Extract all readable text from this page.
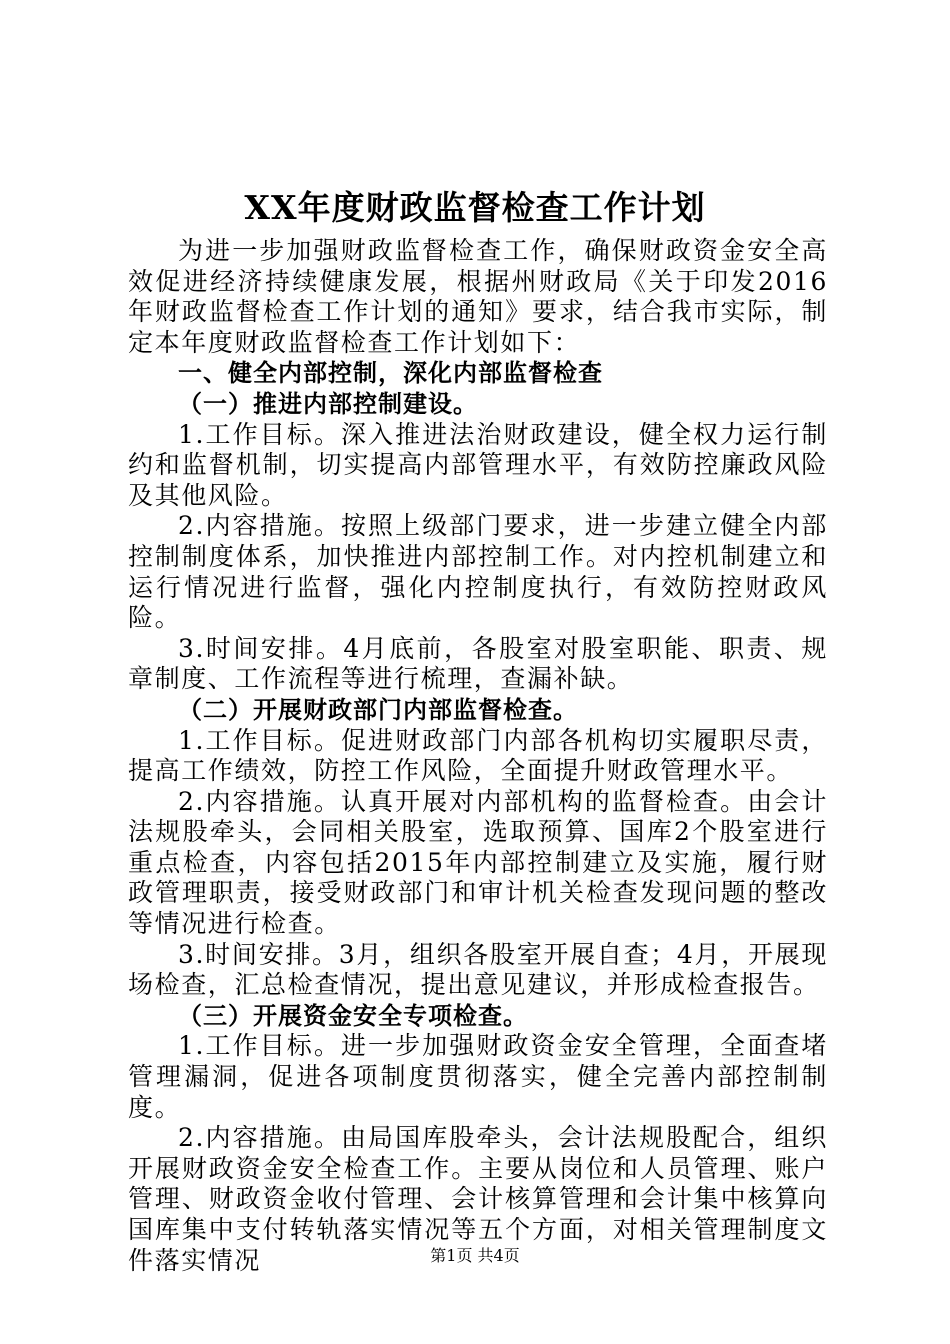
XX年度财政监督检查工作计划

为进一步加强财政监督检查工作，确保财政资金安全高效促进经济持续健康发展，根据州财政局《关于印发2016年财政监督检查工作计划的通知》要求，结合我市实际，制定本年度财政监督检查工作计划如下：

一、健全内部控制，深化内部监督检查

（一）推进内部控制建设。

1.工作目标。深入推进法治财政建设，健全权力运行制约和监督机制，切实提高内部管理水平，有效防控廉政风险及其他风险。

2.内容措施。按照上级部门要求，进一步建立健全内部控制制度体系，加快推进内部控制工作。对内控机制建立和运行情况进行监督，强化内控制度执行，有效防控财政风险。

3.时间安排。4月底前，各股室对股室职能、职责、规章制度、工作流程等进行梳理，查漏补缺。

（二）开展财政部门内部监督检查。

1.工作目标。促进财政部门内部各机构切实履职尽责，提高工作绩效，防控工作风险，全面提升财政管理水平。

2.内容措施。认真开展对内部机构的监督检查。由会计法规股牵头，会同相关股室，选取预算、国库2个股室进行重点检查，内容包括2015年内部控制建立及实施，履行财政管理职责，接受财政部门和审计机关检查发现问题的整改等情况进行检查。

3.时间安排。3月，组织各股室开展自查；4月，开展现场检查，汇总检查情况，提出意见建议，并形成检查报告。

（三）开展资金安全专项检查。

1.工作目标。进一步加强财政资金安全管理，全面查堵管理漏洞，促进各项制度贯彻落实，健全完善内部控制制度。

2.内容措施。由局国库股牵头，会计法规股配合，组织开展财政资金安全检查工作。主要从岗位和人员管理、账户管理、财政资金收付管理、会计核算管理和会计集中核算向国库集中支付转轨落实情况等五个方面，对相关管理制度文件落实情况	第1页 共4页
